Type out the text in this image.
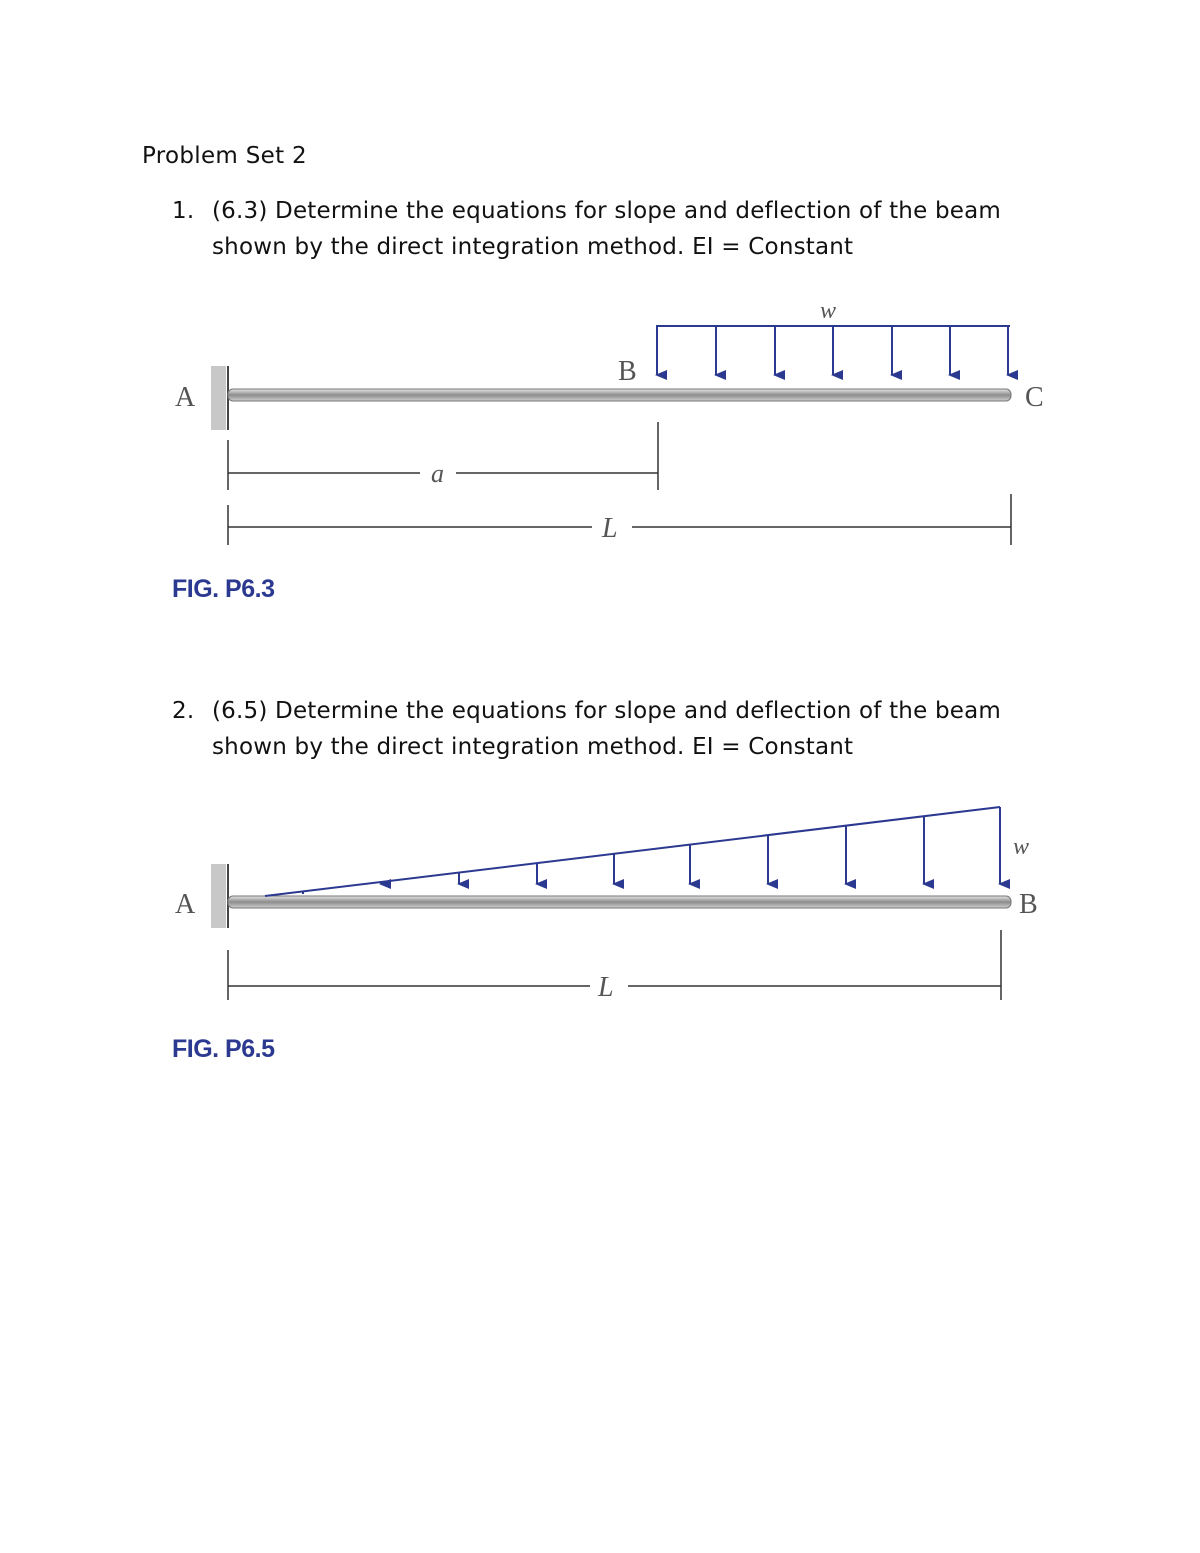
Problem Set 2
1. (6.3) Determine the equations for slope and deflection of the beam shown by the direct integration method. EI = Constant
w
A
B
C
a
L
FIG. P6.3
2. (6.5) Determine the equations for slope and deflection of the beam shown by the direct integration method. EI = Constant
w
A	B
L
FIG. P6.5
